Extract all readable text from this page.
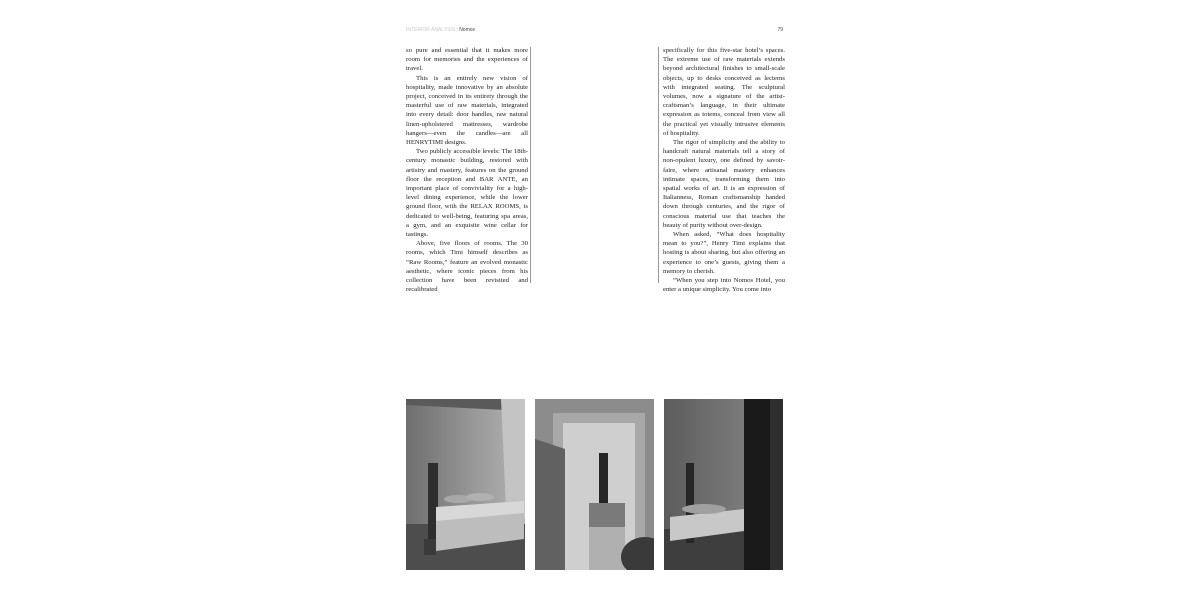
INTERIOR ANALYSIS | Nomos	79

so pure and essential that it makes more room for memories and the experiences of travel.

This is an entirely new vision of hospitality, made innovative by an absolute project, conceived in its entirety through the masterful use of raw materials, integrated into every detail: door handles, raw natural linen-upholstered mattresses, wardrobe hangers—even the candles—are all HENRYTIMI designs.

Two publicly accessible levels: The 18th-century monastic building, restored with artistry and mastery, features on the ground floor the reception and BAR ANTE, an important place of conviviality for a high-level dining experience, while the lower ground floor, with the RELAX ROOMS, is dedicated to well-being, featuring spa areas, a gym, and an exquisite wine cellar for tastings.

Above, five floors of rooms. The 30 rooms, which Timi himself describes as “Raw Rooms,” feature an evolved monastic aesthetic, where iconic pieces from his collection have been revisited and recalibrated

specifically for this five-star hotel’s spaces. The extreme use of raw materials extends beyond architectural finishes to small-scale objects, up to desks conceived as lecterns with integrated seating. The sculptural volumes, now a signature of the artist-craftsman’s language, in their ultimate expression as totems, conceal from view all the practical yet visually intrusive elements of hospitality.

The rigor of simplicity and the ability to handcraft natural materials tell a story of non-opulent luxury, one defined by savoir-faire, where artisanal mastery enhances intimate spaces, transforming them into spatial works of art. It is an expression of Italianness, Roman craftsmanship handed down through centuries, and the rigor of conscious material use that teaches the beauty of purity without over-design.

When asked, “What does hospitality mean to you?”, Henry Timi explains that hosting is about sharing, but also offering an experience to one’s guests, giving them a memory to cherish.

“When you step into Nomos Hotel, you enter a unique simplicity. You come into
